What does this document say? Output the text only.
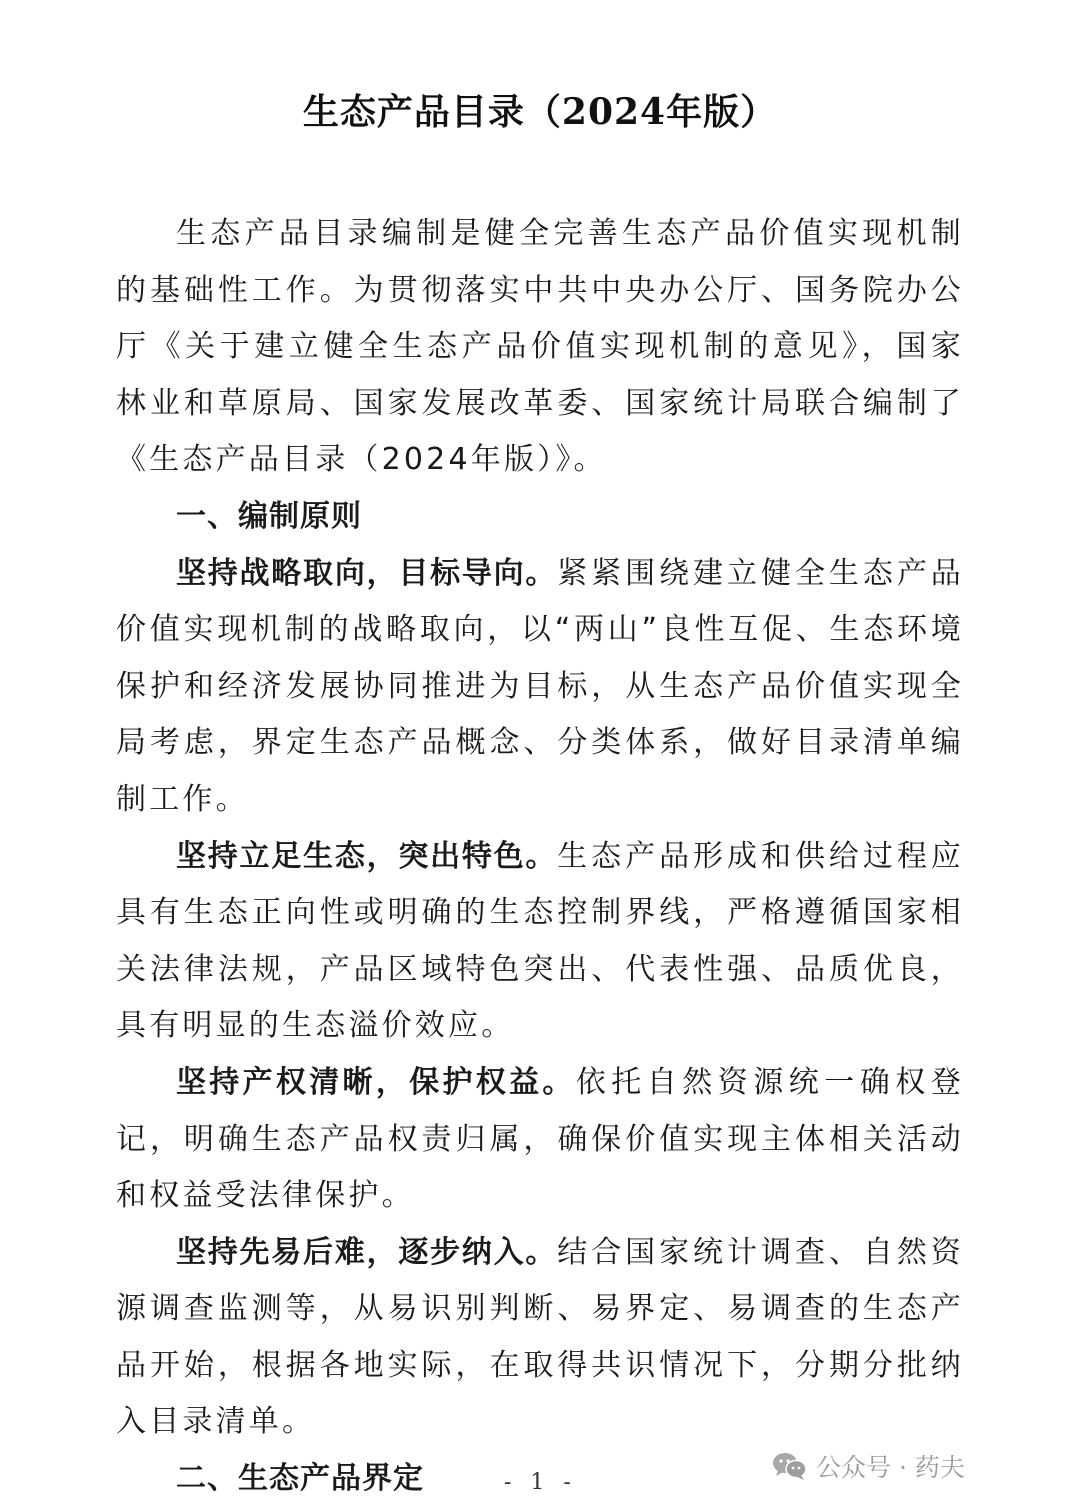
生态产品目录（2024年版）

生态产品目录编制是健全完善生态产品价值实现机制的基础性工作。为贯彻落实中共中央办公厅、国务院办公厅《关于建立健全生态产品价值实现机制的意见》，国家林业和草原局、国家发展改革委、国家统计局联合编制了《生态产品目录（2024年版）》。

一、编制原则

坚持战略取向，目标导向。紧紧围绕建立健全生态产品价值实现机制的战略取向，以“两山”良性互促、生态环境保护和经济发展协同推进为目标，从生态产品价值实现全局考虑，界定生态产品概念、分类体系，做好目录清单编制工作。

坚持立足生态，突出特色。生态产品形成和供给过程应具有生态正向性或明确的生态控制界线，严格遵循国家相关法律法规，产品区域特色突出、代表性强、品质优良，具有明显的生态溢价效应。

坚持产权清晰，保护权益。依托自然资源统一确权登记，明确生态产品权责归属，确保价值实现主体相关活动和权益受法律保护。

坚持先易后难，逐步纳入。结合国家统计调查、自然资源调查监测等，从易识别判断、易界定、易调查的生态产品开始，根据各地实际，在取得共识情况下，分期分批纳入目录清单。

二、生态产品界定	公众号 · 药夫
- 1 -
